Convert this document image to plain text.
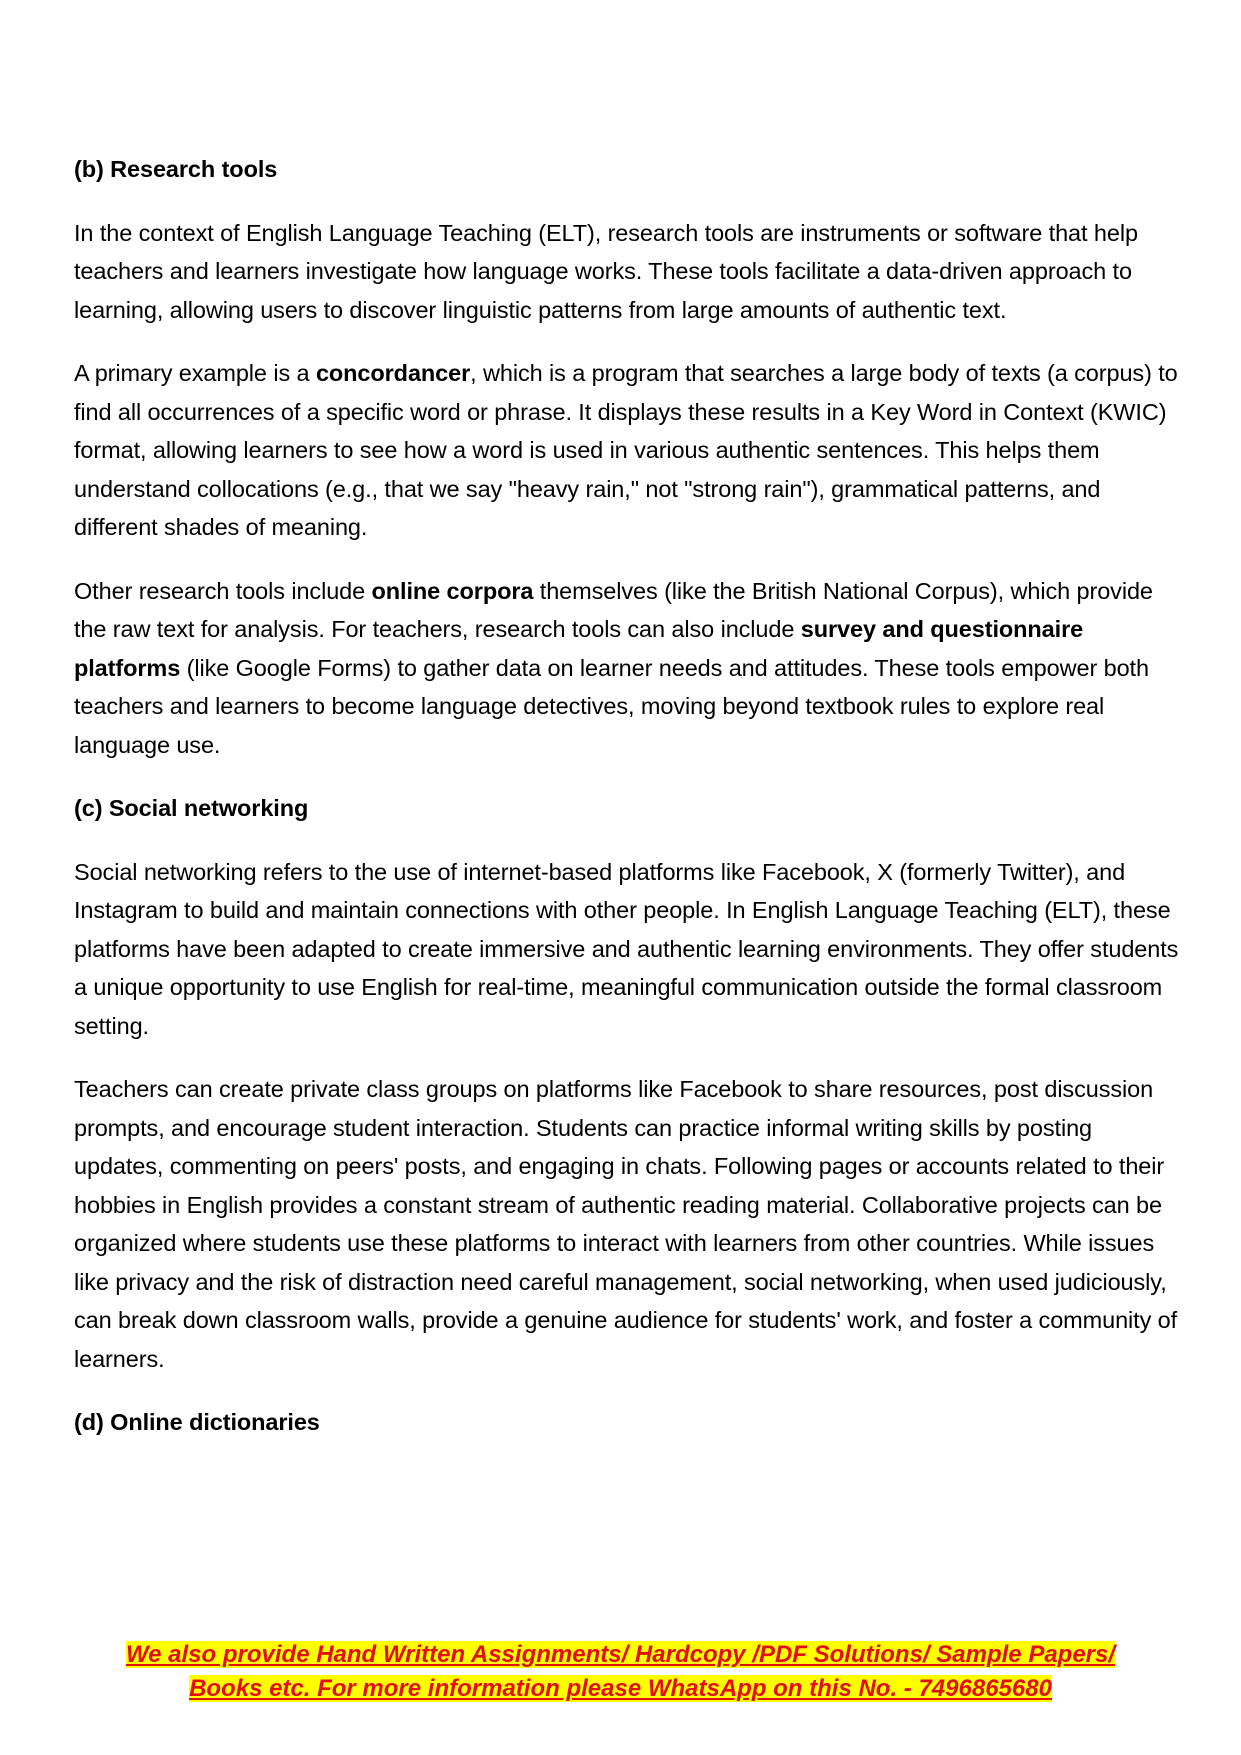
(b) Research tools

In the context of English Language Teaching (ELT), research tools are instruments or software that help teachers and learners investigate how language works. These tools facilitate a data-driven approach to learning, allowing users to discover linguistic patterns from large amounts of authentic text.

A primary example is a concordancer, which is a program that searches a large body of texts (a corpus) to find all occurrences of a specific word or phrase. It displays these results in a Key Word in Context (KWIC) format, allowing learners to see how a word is used in various authentic sentences. This helps them understand collocations (e.g., that we say "heavy rain," not "strong rain"), grammatical patterns, and different shades of meaning.

Other research tools include online corpora themselves (like the British National Corpus), which provide the raw text for analysis. For teachers, research tools can also include survey and questionnaire platforms (like Google Forms) to gather data on learner needs and attitudes. These tools empower both teachers and learners to become language detectives, moving beyond textbook rules to explore real language use.

(c) Social networking

Social networking refers to the use of internet-based platforms like Facebook, X (formerly Twitter), and Instagram to build and maintain connections with other people. In English Language Teaching (ELT), these platforms have been adapted to create immersive and authentic learning environments. They offer students a unique opportunity to use English for real-time, meaningful communication outside the formal classroom setting.

Teachers can create private class groups on platforms like Facebook to share resources, post discussion prompts, and encourage student interaction. Students can practice informal writing skills by posting updates, commenting on peers' posts, and engaging in chats. Following pages or accounts related to their hobbies in English provides a constant stream of authentic reading material. Collaborative projects can be organized where students use these platforms to interact with learners from other countries. While issues like privacy and the risk of distraction need careful management, social networking, when used judiciously, can break down classroom walls, provide a genuine audience for students' work, and foster a community of learners.

(d) Online dictionaries
We also provide Hand Written Assignments/ Hardcopy /PDF Solutions/ Sample Papers/
Books etc. For more information please WhatsApp on this No. - 7496865680
